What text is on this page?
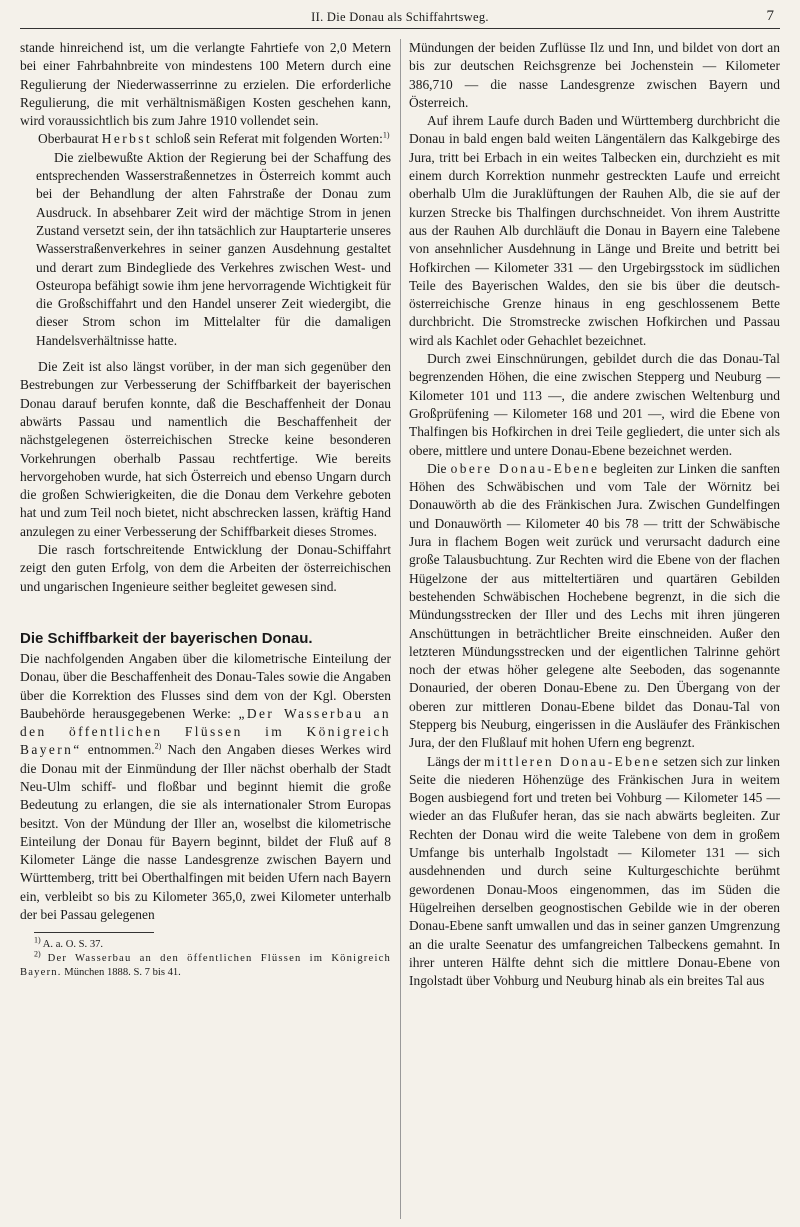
II. Die Donau als Schiffahrtsweg.	7

stande hinreichend ist, um die verlangte Fahrtiefe von 2,0 Metern bei einer Fahrbahnbreite von mindestens 100 Metern durch eine Regulierung der Niederwasserrinne zu erzielen. Die erforderliche Regulierung, die mit verhältnismäßigen Kosten geschehen kann, wird voraussichtlich bis zum Jahre 1910 vollendet sein.

Oberbaurat Herbst schloß sein Referat mit folgenden Worten:$^{1)}$

Die zielbewußte Aktion der Regierung bei der Schaffung des entsprechenden Wasserstraßennetzes in Österreich kommt auch bei der Behandlung der alten Fahrstraße der Donau zum Ausdruck. In absehbarer Zeit wird der mächtige Strom in jenen Zustand versetzt sein, der ihn tatsächlich zur Hauptarterie unseres Wasserstraßenverkehres in seiner ganzen Ausdehnung gestaltet und derart zum Bindegliede des Verkehres zwischen West- und Osteuropa befähigt sowie ihm jene hervorragende Wichtigkeit für die Großschiffahrt und den Handel unserer Zeit wiedergibt, die dieser Strom schon im Mittelalter für die damaligen Handelsverhältnisse hatte.

Die Zeit ist also längst vorüber, in der man sich gegenüber den Bestrebungen zur Verbesserung der Schiffbarkeit der bayerischen Donau darauf berufen konnte, daß die Beschaffenheit der Donau abwärts Passau und namentlich die Beschaffenheit der nächstgelegenen österreichischen Strecke keine besonderen Vorkehrungen oberhalb Passau rechtfertige. Wie bereits hervorgehoben wurde, hat sich Österreich und ebenso Ungarn durch die großen Schwierigkeiten, die die Donau dem Verkehre geboten hat und zum Teil noch bietet, nicht abschrecken lassen, kräftig Hand anzulegen zu einer Verbesserung der Schiffbarkeit dieses Stromes.

Die rasch fortschreitende Entwicklung der Donau-Schiffahrt zeigt den guten Erfolg, von dem die Arbeiten der österreichischen und ungarischen Ingenieure seither begleitet gewesen sind.

Die Schiffbarkeit der bayerischen Donau.

Die nachfolgenden Angaben über die kilometrische Einteilung der Donau, über die Beschaffenheit des Donau-Tales sowie die Angaben über die Korrektion des Flusses sind dem von der Kgl. Obersten Baubehörde herausgegebenen Werke: „Der Wasserbau an den öffentlichen Flüssen im Königreich Bayern“ entnommen.$^{2)}$ Nach den Angaben dieses Werkes wird die Donau mit der Einmündung der Iller nächst oberhalb der Stadt Neu-Ulm schiff- und floßbar und beginnt hiemit die große Bedeutung zu erlangen, die sie als internationaler Strom Europas besitzt. Von der Mündung der Iller an, woselbst die kilometrische Einteilung der Donau für Bayern beginnt, bildet der Fluß auf 8 Kilometer Länge die nasse Landesgrenze zwischen Bayern und Württemberg, tritt bei Oberthalfingen mit beiden Ufern nach Bayern ein, verbleibt so bis zu Kilometer 365,0, zwei Kilometer unterhalb der bei Passau gelegenen

$^{1)}$ A. a. O. S. 37.

$^{2)}$ Der Wasserbau an den öffentlichen Flüssen im Königreich Bayern. München 1888. S. 7 bis 41.

Mündungen der beiden Zuflüsse Ilz und Inn, und bildet von dort an bis zur deutschen Reichsgrenze bei Jochenstein — Kilometer 386,710 — die nasse Landesgrenze zwischen Bayern und Österreich.

Auf ihrem Laufe durch Baden und Württemberg durchbricht die Donau in bald engen bald weiten Längentälern das Kalkgebirge des Jura, tritt bei Erbach in ein weites Talbecken ein, durchzieht es mit einem durch Korrektion nunmehr gestreckten Laufe und erreicht oberhalb Ulm die Juraklüftungen der Rauhen Alb, die sie auf der kurzen Strecke bis Thalfingen durchschneidet. Von ihrem Austritte aus der Rauhen Alb durchläuft die Donau in Bayern eine Talebene von ansehnlicher Ausdehnung in Länge und Breite und betritt bei Hofkirchen — Kilometer 331 — den Urgebirgsstock im südlichen Teile des Bayerischen Waldes, den sie bis über die deutsch-österreichische Grenze hinaus in eng geschlossenem Bette durchbricht. Die Stromstrecke zwischen Hofkirchen und Passau wird als Kachlet oder Gehachlet bezeichnet.

Durch zwei Einschnürungen, gebildet durch die das Donau-Tal begrenzenden Höhen, die eine zwischen Stepperg und Neuburg — Kilometer 101 und 113 —, die andere zwischen Weltenburg und Großprüfening — Kilometer 168 und 201 —, wird die Ebene von Thalfingen bis Hofkirchen in drei Teile gegliedert, die unter sich als obere, mittlere und untere Donau-Ebene bezeichnet werden.

Die obere Donau-Ebene begleiten zur Linken die sanften Höhen des Schwäbischen und vom Tale der Wörnitz bei Donauwörth ab die des Fränkischen Jura. Zwischen Gundelfingen und Donauwörth — Kilometer 40 bis 78 — tritt der Schwäbische Jura in flachem Bogen weit zurück und verursacht dadurch eine große Talausbuchtung. Zur Rechten wird die Ebene von der flachen Hügelzone der aus mitteltertiären und quartären Gebilden bestehenden Schwäbischen Hochebene begrenzt, in die sich die Mündungsstrecken der Iller und des Lechs mit ihren jüngeren Anschüttungen in beträchtlicher Breite einschneiden. Außer den letzteren Mündungsstrecken und der eigentlichen Talrinne gehört noch der etwas höher gelegene alte Seeboden, das sogenannte Donauried, der oberen Donau-Ebene zu. Den Übergang von der oberen zur mittleren Donau-Ebene bildet das Donau-Tal von Stepperg bis Neuburg, eingerissen in die Ausläufer des Fränkischen Jura, der den Flußlauf mit hohen Ufern eng begrenzt.

Längs der mittleren Donau-Ebene setzen sich zur linken Seite die niederen Höhenzüge des Fränkischen Jura in weitem Bogen ausbiegend fort und treten bei Vohburg — Kilometer 145 — wieder an das Flußufer heran, das sie nach abwärts begleiten. Zur Rechten der Donau wird die weite Talebene von dem in großem Umfange bis unterhalb Ingolstadt — Kilometer 131 — sich ausdehnenden und durch seine Kulturgeschichte berühmt gewordenen Donau-Moos eingenommen, das im Süden die Hügelreihen derselben geognostischen Gebilde wie in der oberen Donau-Ebene sanft umwallen und das in seiner ganzen Umgrenzung an die uralte Seenatur des umfangreichen Talbeckens gemahnt. In ihrer unteren Hälfte dehnt sich die mittlere Donau-Ebene von Ingolstadt über Vohburg und Neuburg hinab als ein breites Tal aus
